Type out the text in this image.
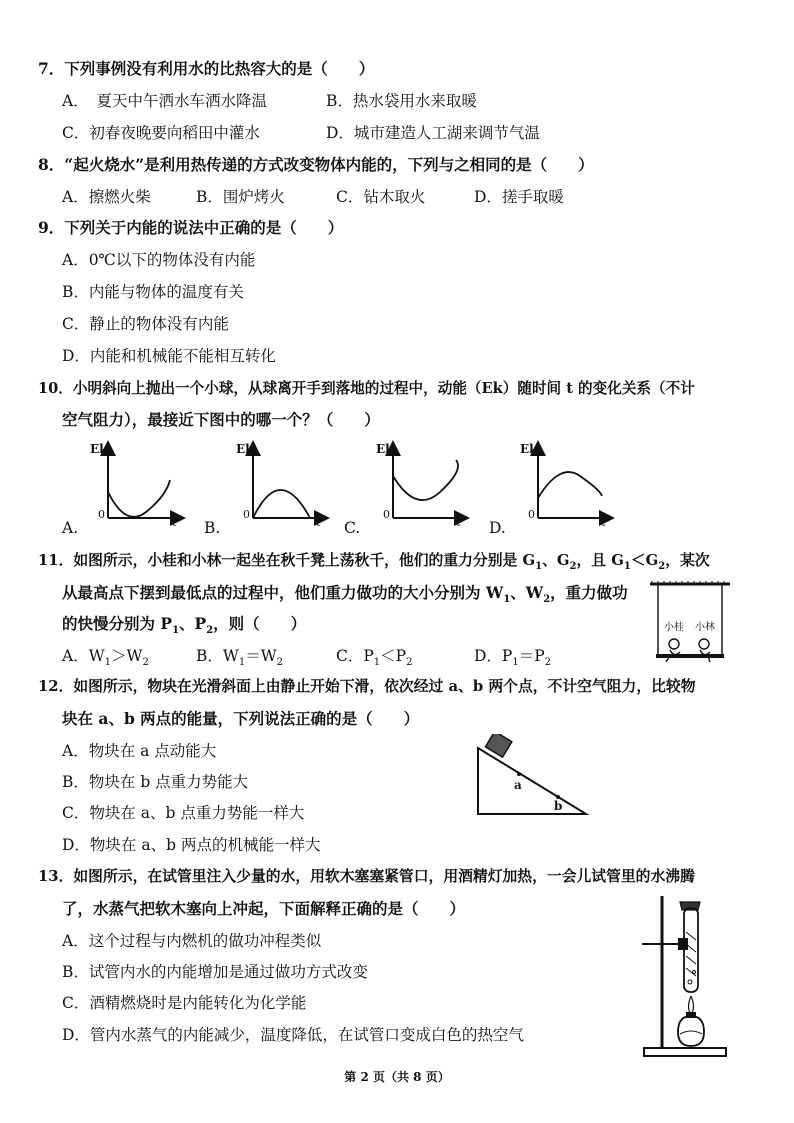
7．下列事例没有利用水的比热容大的是（　　）
A．　夏天中午洒水车洒水降温	B．热水袋用水来取暖
C．初春夜晚要向稻田中灌水	D．城市建造人工湖来调节气温
8．“起火烧水”是利用热传递的方式改变物体内能的，下列与之相同的是（　　）
A．擦燃火柴	B．围炉烤火	C．钻木取火	D．搓手取暖
9．下列关于内能的说法中正确的是（　　）
A．0℃以下的物体没有内能
B．内能与物体的温度有关
C．静止的物体没有内能
D．内能和机械能不能相互转化
10．小明斜向上抛出一个小球，从球离开手到落地的过程中，动能（Ek）随时间 t 的变化关系（不计
空气阻力），最接近下图中的哪一个？（　　）
Ek	Ek	Ek	Ek
0	0	0	0
t	t	t	t
A.	B.	C.	D.
11．如图所示，小桂和小林一起坐在秋千凳上荡秋千，他们的重力分别是 $G_1$、$G_2$，且 $G_1<G_2$，某次
从最高点下摆到最低点的过程中，他们重力做功的大小分别为 $W_1$、$W_2$，重力做功
的快慢分别为 $P_1$、$P_2$，则（　　）
A．$W_1>W_2$	B．$W_1=W_2$	C．$P_1<P_2$	D．$P_1=P_2$
小桂 小林
12．如图所示，物块在光滑斜面上由静止开始下滑，依次经过 a、b 两个点，不计空气阻力，比较物
块在 a、b 两点的能量，下列说法正确的是（　　）
A．物块在 a 点动能大
B．物块在 b 点重力势能大
C．物块在 a、b 点重力势能一样大
D．物块在 a、b 两点的机械能一样大
a
b
13．如图所示，在试管里注入少量的水，用软木塞塞紧管口，用酒精灯加热，一会儿试管里的水沸腾
了，水蒸气把软木塞向上冲起，下面解释正确的是（　　）
A．这个过程与内燃机的做功冲程类似
B．试管内水的内能增加是通过做功方式改变
C．酒精燃烧时是内能转化为化学能
D．管内水蒸气的内能减少，温度降低，在试管口变成白色的热空气
第 2 页（共 8 页）
